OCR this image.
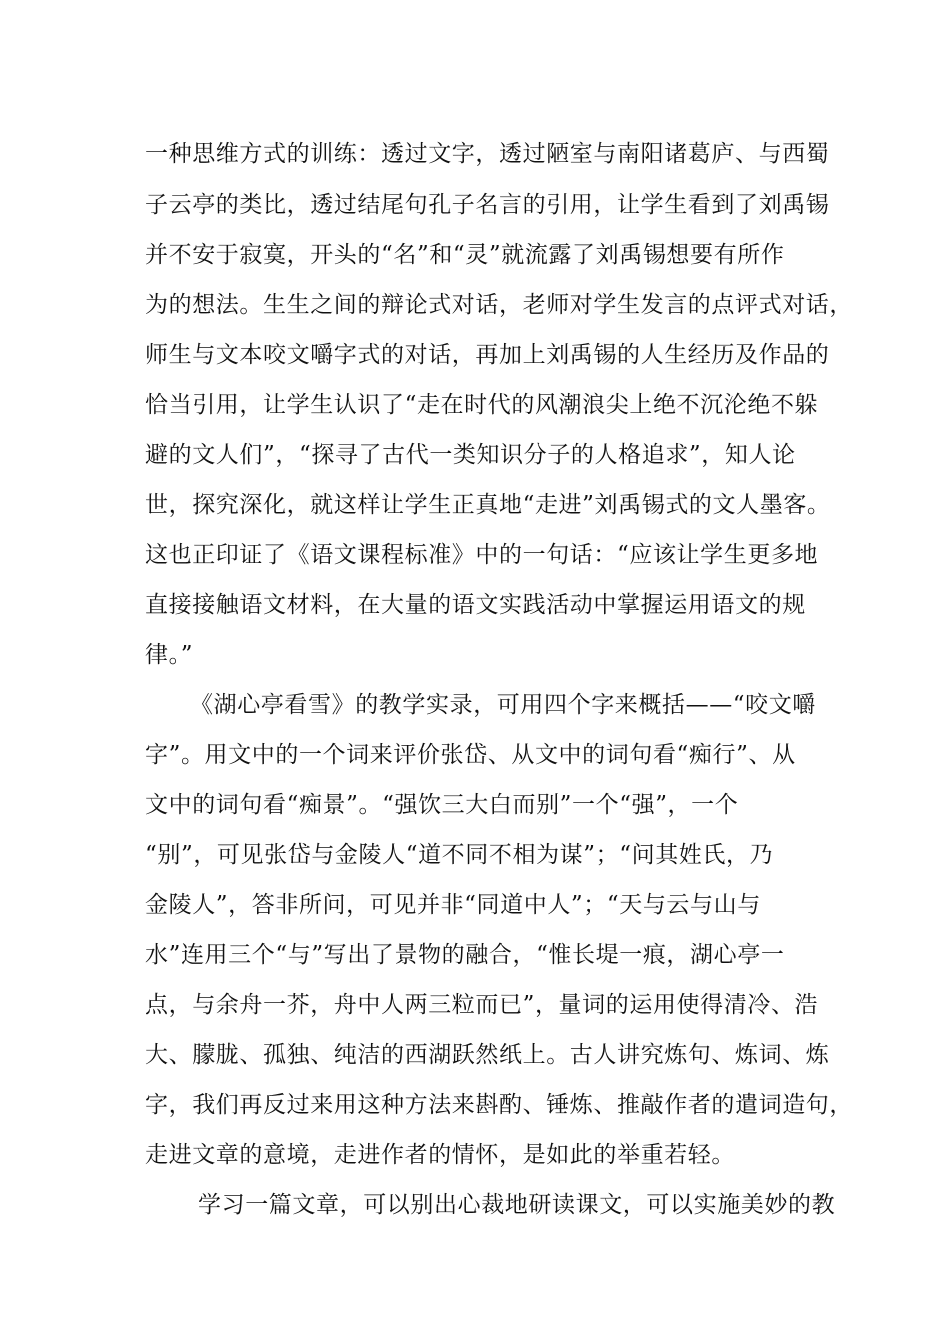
一种思维方式的训练：透过文字，透过陋室与南阳诸葛庐、与西蜀
子云亭的类比，透过结尾句孔子名言的引用，让学生看到了刘禹锡
并不安于寂寞，开头的“名”和“灵”就流露了刘禹锡想要有所作
为的想法。生生之间的辩论式对话，老师对学生发言的点评式对话，
师生与文本咬文嚼字式的对话，再加上刘禹锡的人生经历及作品的
恰当引用，让学生认识了“走在时代的风潮浪尖上绝不沉沦绝不躲
避的文人们”，“探寻了古代一类知识分子的人格追求”，知人论
世，探究深化，就这样让学生正真地“走进”刘禹锡式的文人墨客。
这也正印证了《语文课程标准》中的一句话：“应该让学生更多地
直接接触语文材料，在大量的语文实践活动中掌握运用语文的规
律。”
《湖心亭看雪》的教学实录，可用四个字来概括——“咬文嚼
字”。用文中的一个词来评价张岱、从文中的词句看“痴行”、从
文中的词句看“痴景”。“强饮三大白而别”一个“强”，一个
“别”，可见张岱与金陵人“道不同不相为谋”；“问其姓氏，乃
金陵人”，答非所问，可见并非“同道中人”；“天与云与山与
水”连用三个“与”写出了景物的融合，“惟长堤一痕，湖心亭一
点，与余舟一芥，舟中人两三粒而已”，量词的运用使得清冷、浩
大、朦胧、孤独、纯洁的西湖跃然纸上。古人讲究炼句、炼词、炼
字，我们再反过来用这种方法来斟酌、锤炼、推敲作者的遣词造句，
走进文章的意境，走进作者的情怀，是如此的举重若轻。
学习一篇文章，可以别出心裁地研读课文，可以实施美妙的教
